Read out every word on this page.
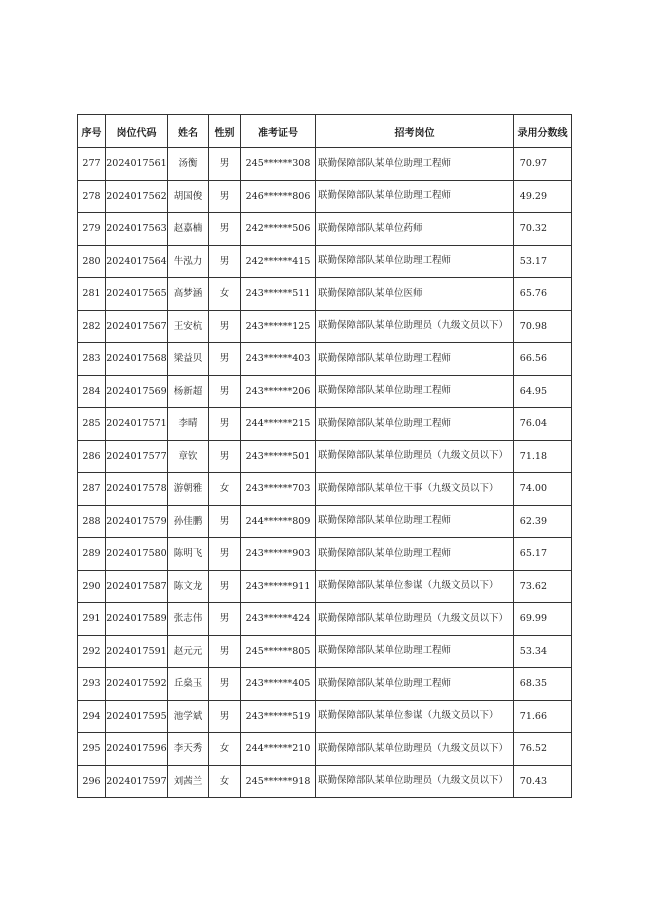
序号	岗位代码	姓名	性别	准考证号	招考岗位	录用分数线
277	2024017561	汤衡	男	245******308	联勤保障部队某单位助理工程师	70.97
278	2024017562	胡国俊	男	246******806	联勤保障部队某单位助理工程师	49.29
279	2024017563	赵嘉楠	男	242******506	联勤保障部队某单位药师	70.32
280	2024017564	牛泓力	男	242******415	联勤保障部队某单位助理工程师	53.17
281	2024017565	高梦涵	女	243******511	联勤保障部队某单位医师	65.76
282	2024017567	王安杭	男	243******125	联勤保障部队某单位助理员（九级文员以下）	70.98
283	2024017568	梁益贝	男	243******403	联勤保障部队某单位助理工程师	66.56
284	2024017569	杨新超	男	243******206	联勤保障部队某单位助理工程师	64.95
285	2024017571	李晴	男	244******215	联勤保障部队某单位助理工程师	76.04
286	2024017577	章钦	男	243******501	联勤保障部队某单位助理员（九级文员以下）	71.18
287	2024017578	游朝雅	女	243******703	联勤保障部队某单位干事（九级文员以下）	74.00
288	2024017579	孙佳鹏	男	244******809	联勤保障部队某单位助理工程师	62.39
289	2024017580	陈明飞	男	243******903	联勤保障部队某单位助理工程师	65.17
290	2024017587	陈文龙	男	243******911	联勤保障部队某单位参谋（九级文员以下）	73.62
291	2024017589	张志伟	男	243******424	联勤保障部队某单位助理员（九级文员以下）	69.99
292	2024017591	赵元元	男	245******805	联勤保障部队某单位助理工程师	53.34
293	2024017592	丘燊玉	男	243******405	联勤保障部队某单位助理工程师	68.35
294	2024017595	池学斌	男	243******519	联勤保障部队某单位参谋（九级文员以下）	71.66
295	2024017596	李天秀	女	244******210	联勤保障部队某单位助理员（九级文员以下）	76.52
296	2024017597	刘茜兰	女	245******918	联勤保障部队某单位助理员（九级文员以下）	70.43
